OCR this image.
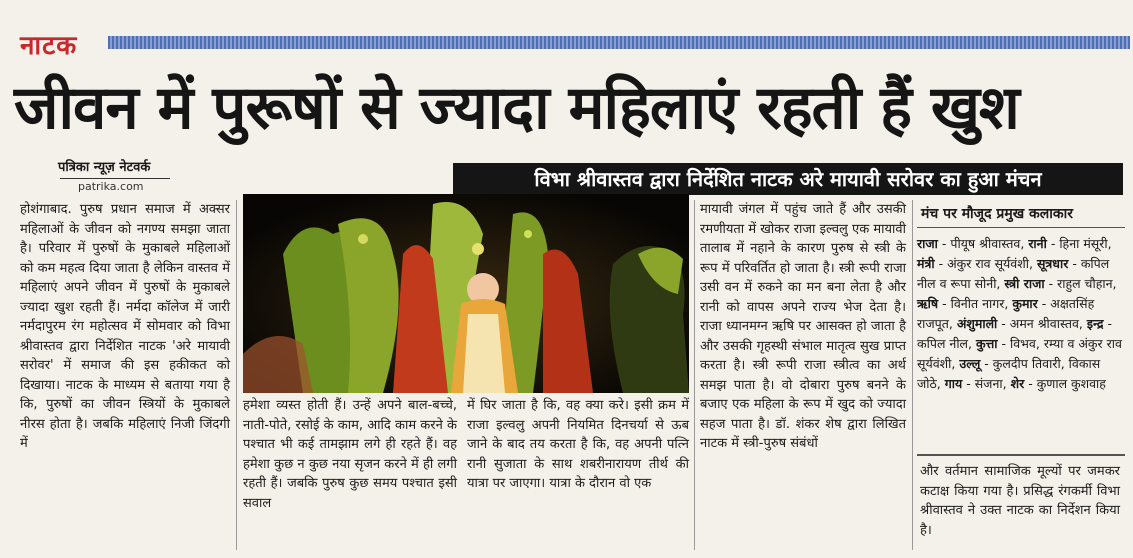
नाटक
जीवन में पुरूषों से ज्यादा महिलाएं रहती हैं खुश
पत्रिका न्यूज़ नेटवर्क
patrika.com	विभा श्रीवास्तव द्वारा निर्देशित नाटक अरे मायावी सरोवर का हुआ मंचन

होशंगाबाद. पुरुष प्रधान समाज में अक्सर महिलाओं के जीवन को नगण्य समझा जाता है। परिवार में पुरुषों के मुकाबले महिलाओं को कम महत्व दिया जाता है लेकिन वास्तव में महिलाएं अपने जीवन में पुरुषों के मुकाबले ज्यादा खुश रहती हैं। नर्मदा कॉलेज में जारी नर्मदापुरम रंग महोत्सव में सोमवार को विभा श्रीवास्तव द्वारा निर्देशित नाटक 'अरे मायावी सरोवर' में समाज की इस हकीकत को दिखाया। नाटक के माध्यम से बताया गया है कि, पुरुषों का जीवन स्त्रियों के मुकाबले नीरस होता है। जबकि महिलाएं निजी जिंदगी में

हमेशा व्यस्त होती हैं। उन्हें अपने बाल-बच्चे, नाती-पोते, रसोई के काम, आदि काम करने के पश्चात भी कई तामझाम लगे ही रहते हैं। वह हमेशा कुछ न कुछ नया सृजन करने में ही लगी रहती हैं। जबकि पुरुष कुछ समय पश्चात इसी सवाल

में घिर जाता है कि, वह क्या करे। इसी क्रम में राजा इल्वलु अपनी नियमित दिनचर्या से ऊब जाने के बाद तय करता है कि, वह अपनी पत्नि रानी सुजाता के साथ शबरीनारायण तीर्थ की यात्रा पर जाएगा। यात्रा के दौरान वो एक

मायावी जंगल में पहुंच जाते हैं और उसकी रमणीयता में खोकर राजा इल्वलु एक मायावी तालाब में नहाने के कारण पुरुष से स्त्री के रूप में परिवर्तित हो जाता है। स्त्री रूपी राजा उसी वन में रुकने का मन बना लेता है और रानी को वापस अपने राज्य भेज देता है। राजा ध्यानमग्न ऋषि पर आसक्त हो जाता है और उसकी गृहस्थी संभाल मातृत्व सुख प्राप्त करता है। स्त्री रूपी राजा स्त्रीत्व का अर्थ समझ पाता है। वो दोबारा पुरुष बनने के बजाए एक महिला के रूप में खुद को ज्यादा सहज पाता है। डॉ. शंकर शेष द्वारा लिखित नाटक में स्त्री-पुरुष संबंधों

और वर्तमान सामाजिक मूल्यों पर जमकर कटाक्ष किया गया है। प्रसिद्ध रंगकर्मी विभा श्रीवास्तव ने उक्त नाटक का निर्देशन किया है।

मंच पर मौजूद प्रमुख कलाकार
राजा - पीयूष श्रीवास्तव, रानी - हिना मंसूरी, मंत्री - अंकुर राव सूर्यवंशी, सूत्रधार - कपिल नील व रूपा सोनी, स्त्री राजा - राहुल चौहान, ऋषि - विनीत नागर, कुमार - अक्षतसिंह राजपूत, अंशुमाली - अमन श्रीवास्तव, इन्द्र - कपिल नील, कुत्ता - विभव, रम्या व अंकुर राव सूर्यवंशी, उल्लू - कुलदीप तिवारी, विकास जोठे, गाय - संजना, शेर - कुणाल कुशवाह
